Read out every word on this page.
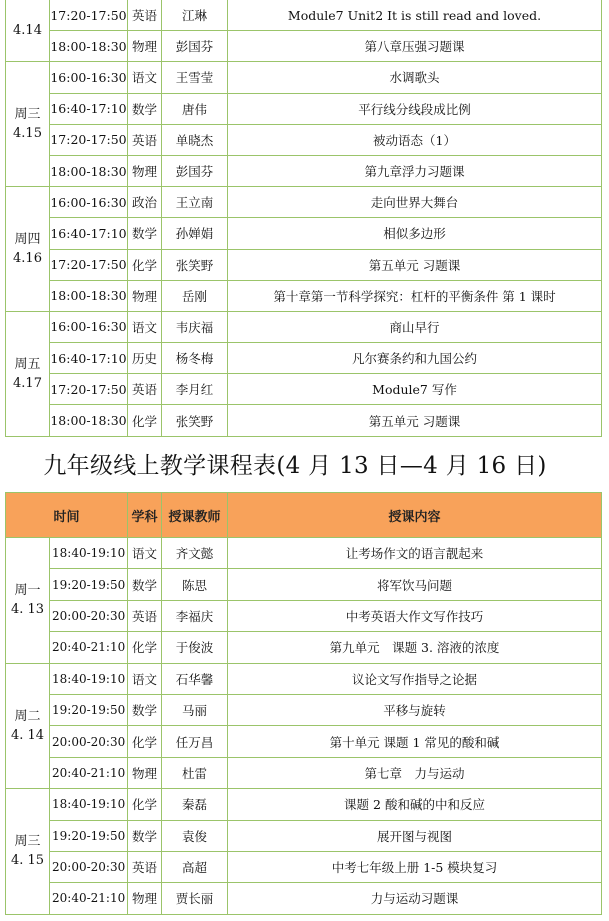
4.14	17:20-17:50	英语	江琳	Module7 Unit2 It is still read and loved.
	18:00-18:30	物理	彭国芬	第八章压强习题课

周三
4.15	16:00-16:30	语文	王雪莹	水调歌头
	16:40-17:10	数学	唐伟	平行线分线段成比例
	17:20-17:50	英语	单晓杰	被动语态（1）
	18:00-18:30	物理	彭国芬	第九章浮力习题课

周四
4.16	16:00-16:30	政治	王立南	走向世界大舞台
	16:40-17:10	数学	孙婵娟	相似多边形
	17:20-17:50	化学	张笑野	第五单元 习题课
	18:00-18:30	物理	岳刚	第十章第一节科学探究：杠杆的平衡条件 第 1 课时

周五
4.17	16:00-16:30	语文	韦庆福	商山早行
	16:40-17:10	历史	杨冬梅	凡尔赛条约和九国公约
	17:20-17:50	英语	李月红	Module7 写作
	18:00-18:30	化学	张笑野	第五单元 习题课
九年级线上教学课程表(4 月 13 日—4 月 16 日)
时间		学科	授课教师	授课内容

周一
4. 13	18:40-19:10	语文	齐文懿	让考场作文的语言靓起来
	19:20-19:50	数学	陈思	将军饮马问题
	20:00-20:30	英语	李福庆	中考英语大作文写作技巧
	20:40-21:10	化学	于俊波	第九单元　课题 3. 溶液的浓度

周二
4. 14	18:40-19:10	语文	石华馨	议论文写作指导之论据
	19:20-19:50	数学	马丽	平移与旋转
	20:00-20:30	化学	任万昌	第十单元 课题 1 常见的酸和碱
	20:40-21:10	物理	杜雷	第七章　力与运动

周三
4. 15	18:40-19:10	化学	秦磊	课题 2 酸和碱的中和反应
	19:20-19:50	数学	袁俊	展开图与视图
	20:00-20:30	英语	高超	中考七年级上册 1-5 模块复习
	20:40-21:10	物理	贾长丽	力与运动习题课
